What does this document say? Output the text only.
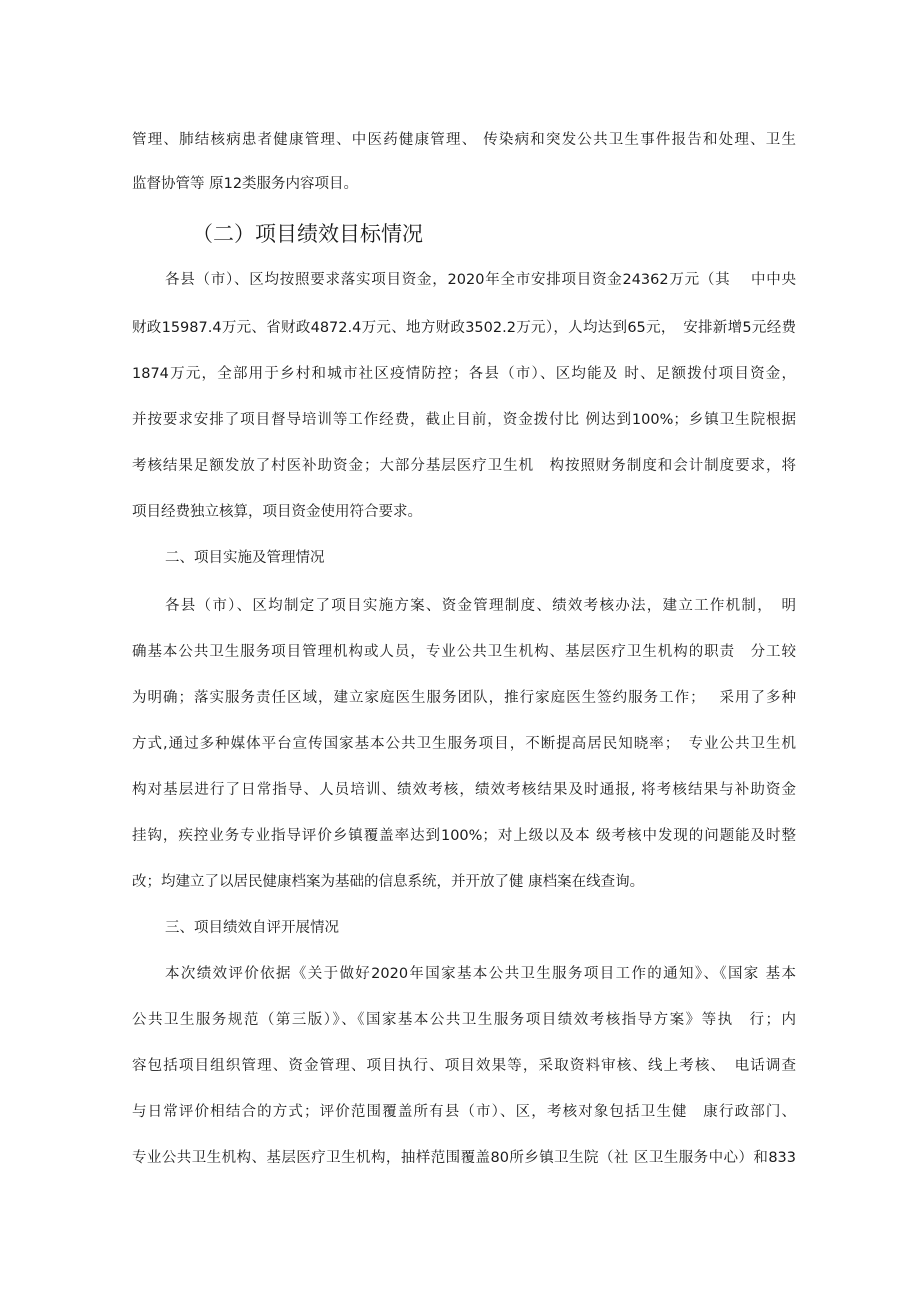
管理、肺结核病患者健康管理、中医药健康管理、 传染病和突发公共卫生事件报告和处理、卫生
监督协管等 原12类服务内容项目。
（二）项目绩效目标情况
各县（市）、区均按照要求落实项目资金，2020年全市安排项目资金24362万元（其　 中中央
财政15987.4万元、省财政4872.4万元、地方财政3502.2万元），人均达到65元，　安排新增5元经费
1874万元，全部用于乡村和城市社区疫情防控；各县（市）、区均能及 时、足额拨付项目资金，
并按要求安排了项目督导培训等工作经费，截止目前，资金拨付比 例达到100%；乡镇卫生院根据
考核结果足额发放了村医补助资金；大部分基层医疗卫生机　构按照财务制度和会计制度要求，将
项目经费独立核算，项目资金使用符合要求。
二、项目实施及管理情况
各县（市）、区均制定了项目实施方案、资金管理制度、绩效考核办法，建立工作机制，　明
确基本公共卫生服务项目管理机构或人员，专业公共卫生机构、基层医疗卫生机构的职责　分工较
为明确；落实服务责任区域，建立家庭医生服务团队，推行家庭医生签约服务工作；　 采用了多种
方式,通过多种媒体平台宣传国家基本公共卫生服务项目，不断提高居民知晓率；　专业公共卫生机
构对基层进行了日常指导、人员培训、绩效考核，绩效考核结果及时通报, 将考核结果与补助资金
挂钩，疾控业务专业指导评价乡镇覆盖率达到100%；对上级以及本 级考核中发现的问题能及时整
改；均建立了以居民健康档案为基础的信息系统，并开放了健 康档案在线查询。
三、项目绩效自评开展情况
本次绩效评价依据《关于做好2020年国家基本公共卫生服务项目工作的通知》、《国家 基本
公共卫生服务规范（第三版）》、《国家基本公共卫生服务项目绩效考核指导方案》等执　行；内
容包括项目组织管理、资金管理、项目执行、项目效果等，采取资料审核、线上考核、　电话调查
与日常评价相结合的方式；评价范围覆盖所有县（市）、区，考核对象包括卫生健　康行政部门、
专业公共卫生机构、基层医疗卫生机构，抽样范围覆盖80所乡镇卫生院（社 区卫生服务中心）和833
